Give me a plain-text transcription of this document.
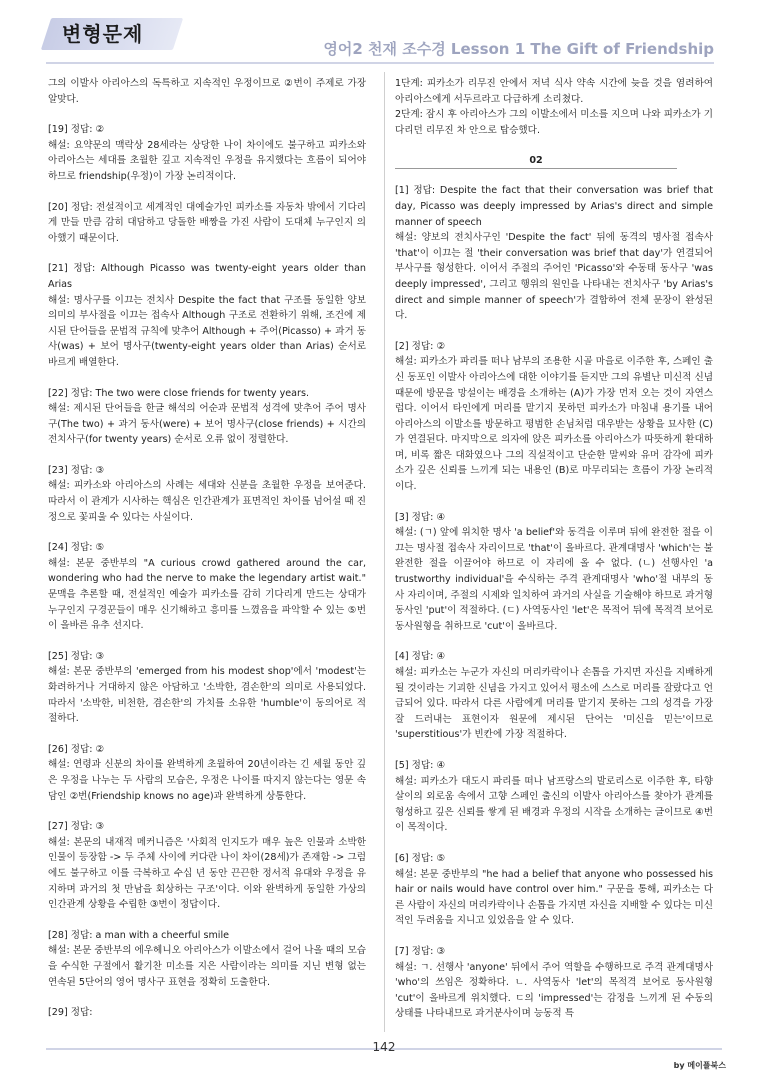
변형문제
영어2 천재 조수경 Lesson 1 The Gift of Friendship
그의 이발사 아리아스의 독특하고 지속적인 우정이므로 ②번이 주제로 가장 알맞다.
[19] 정답: ②
해설: 요약문의 맥락상 28세라는 상당한 나이 차이에도 불구하고 피카소와 아리아스는 세대를 초월한 깊고 지속적인 우정을 유지했다는 흐름이 되어야 하므로 friendship(우정)이 가장 논리적이다.
[20] 정답: 전설적이고 세계적인 대예술가인 피카소를 자동차 밖에서 기다리게 만들 만큼 감히 대담하고 당돌한 배짱을 가진 사람이 도대체 누구인지 의아했기 때문이다.
[21] 정답: Although Picasso was twenty-eight years older than Arias
해설: 명사구를 이끄는 전치사 Despite the fact that 구조를 동일한 양보 의미의 부사절을 이끄는 접속사 Although 구조로 전환하기 위해, 조건에 제시된 단어들을 문법적 규칙에 맞추어 Although + 주어(Picasso) + 과거 동사(was) + 보어 명사구(twenty-eight years older than Arias) 순서로 바르게 배열한다.
[22] 정답: The two were close friends for twenty years.
해설: 제시된 단어들을 한글 해석의 어순과 문법적 성격에 맞추어 주어 명사구(The two) + 과거 동사(were) + 보어 명사구(close friends) + 시간의 전치사구(for twenty years) 순서로 오류 없이 정렬한다.
[23] 정답: ③
해설: 피카소와 아리아스의 사례는 세대와 신분을 초월한 우정을 보여준다. 따라서 이 관계가 시사하는 핵심은 인간관계가 표면적인 차이를 넘어설 때 진정으로 꽃피울 수 있다는 사실이다.
[24] 정답: ⑤
해설: 본문 중반부의 "A curious crowd gathered around the car, wondering who had the nerve to make the legendary artist wait." 문맥을 추론할 때, 전설적인 예술가 피카소를 감히 기다리게 만드는 상대가 누구인지 구경꾼들이 매우 신기해하고 흥미를 느꼈음을 파악할 수 있는 ⑤번이 올바른 유추 선지다.
[25] 정답: ③
해설: 본문 중반부의 'emerged from his modest shop'에서 'modest'는 화려하거나 거대하지 않은 아담하고 '소박한, 겸손한'의 의미로 사용되었다. 따라서 '소박한, 비천한, 겸손한'의 가치를 소유한 'humble'이 동의어로 적절하다.
[26] 정답: ②
해설: 연령과 신분의 차이를 완벽하게 초월하여 20년이라는 긴 세월 동안 깊은 우정을 나누는 두 사람의 모습은, 우정은 나이를 따지지 않는다는 영문 속담인 ②번(Friendship knows no age)과 완벽하게 상통한다.
[27] 정답: ③
해설: 본문의 내재적 메커니즘은 '사회적 인지도가 매우 높은 인물과 소박한 인물이 등장함 -> 두 주체 사이에 커다란 나이 차이(28세)가 존재함 -> 그럼에도 불구하고 이를 극복하고 수십 년 동안 끈끈한 정서적 유대와 우정을 유지하며 과거의 첫 만남을 회상하는 구조'이다. 이와 완벽하게 동일한 가상의 인간관계 상황을 수립한 ③번이 정답이다.
[28] 정답: a man with a cheerful smile
해설: 본문 중반부의 에우헤니오 아리아스가 이발소에서 걸어 나올 때의 모습을 수식한 구절에서 활기찬 미소를 지은 사람이라는 의미를 지닌 변형 없는 연속된 5단어의 영어 명사구 표현을 정확히 도출한다.
[29] 정답:
1단계: 피카소가 리무진 안에서 저녁 식사 약속 시간에 늦을 것을 염려하여 아리아스에게 서두르라고 다급하게 소리쳤다.
2단계: 잠시 후 아리아스가 그의 이발소에서 미소를 지으며 나와 피카소가 기다리던 리무진 차 안으로 탑승했다.
02
[1] 정답: Despite the fact that their conversation was brief that day, Picasso was deeply impressed by Arias's direct and simple manner of speech
해설: 양보의 전치사구인 'Despite the fact' 뒤에 동격의 명사절 접속사 'that'이 이끄는 절 'their conversation was brief that day'가 연결되어 부사구를 형성한다. 이어서 주절의 주어인 'Picasso'와 수동태 동사구 'was deeply impressed', 그리고 행위의 원인을 나타내는 전치사구 'by Arias's direct and simple manner of speech'가 결합하여 전체 문장이 완성된다.
[2] 정답: ②
해설: 피카소가 파리를 떠나 남부의 조용한 시골 마을로 이주한 후, 스페인 출신 동포인 이발사 아리아스에 대한 이야기를 듣지만 그의 유별난 미신적 신념 때문에 방문을 망설이는 배경을 소개하는 (A)가 가장 먼저 오는 것이 자연스럽다. 이어서 타인에게 머리를 맡기지 못하던 피카소가 마침내 용기를 내어 아리아스의 이발소를 방문하고 평범한 손님처럼 대우받는 상황을 묘사한 (C)가 연결된다. 마지막으로 의자에 앉은 피카소를 아리아스가 따뜻하게 환대하며, 비록 짧은 대화였으나 그의 직설적이고 단순한 말씨와 유머 감각에 피카소가 깊은 신뢰를 느끼게 되는 내용인 (B)로 마무리되는 흐름이 가장 논리적이다.
[3] 정답: ④
해설: (ㄱ) 앞에 위치한 명사 'a belief'와 동격을 이루며 뒤에 완전한 절을 이끄는 명사절 접속사 자리이므로 'that'이 올바르다. 관계대명사 'which'는 불완전한 절을 이끌어야 하므로 이 자리에 올 수 없다. (ㄴ) 선행사인 'a trustworthy individual'을 수식하는 주격 관계대명사 'who'절 내부의 동사 자리이며, 주절의 시제와 일치하여 과거의 사실을 기술해야 하므로 과거형 동사인 'put'이 적절하다. (ㄷ) 사역동사인 'let'은 목적어 뒤에 목적격 보어로 동사원형을 취하므로 'cut'이 올바르다.
[4] 정답: ④
해설: 피카소는 누군가 자신의 머리카락이나 손톱을 가지면 자신을 지배하게 될 것이라는 기괴한 신념을 가지고 있어서 평소에 스스로 머리를 잘랐다고 언급되어 있다. 따라서 다른 사람에게 머리를 맡기지 못하는 그의 성격을 가장 잘 드러내는 표현이자 원문에 제시된 단어는 '미신을 믿는'이므로 'superstitious'가 빈칸에 가장 적절하다.
[5] 정답: ④
해설: 피카소가 대도시 파리를 떠나 남프랑스의 발로리스로 이주한 후, 타향살이의 외로움 속에서 고향 스페인 출신의 이발사 아리아스를 찾아가 관계를 형성하고 깊은 신뢰를 쌓게 된 배경과 우정의 시작을 소개하는 글이므로 ④번이 목적이다.
[6] 정답: ⑤
해설: 본문 중반부의 "he had a belief that anyone who possessed his hair or nails would have control over him." 구문을 통해, 피카소는 다른 사람이 자신의 머리카락이나 손톱을 가지면 자신을 지배할 수 있다는 미신적인 두려움을 지니고 있었음을 알 수 있다.
[7] 정답: ③
해설: ㄱ. 선행사 'anyone' 뒤에서 주어 역할을 수행하므로 주격 관계대명사 'who'의 쓰임은 정확하다. ㄴ. 사역동사 'let'의 목적격 보어로 동사원형 'cut'이 올바르게 위치했다. ㄷ의 'impressed'는 감정을 느끼게 된 수동의 상태를 나타내므로 과거분사이며 능동적 특
142
by 메이플북스
